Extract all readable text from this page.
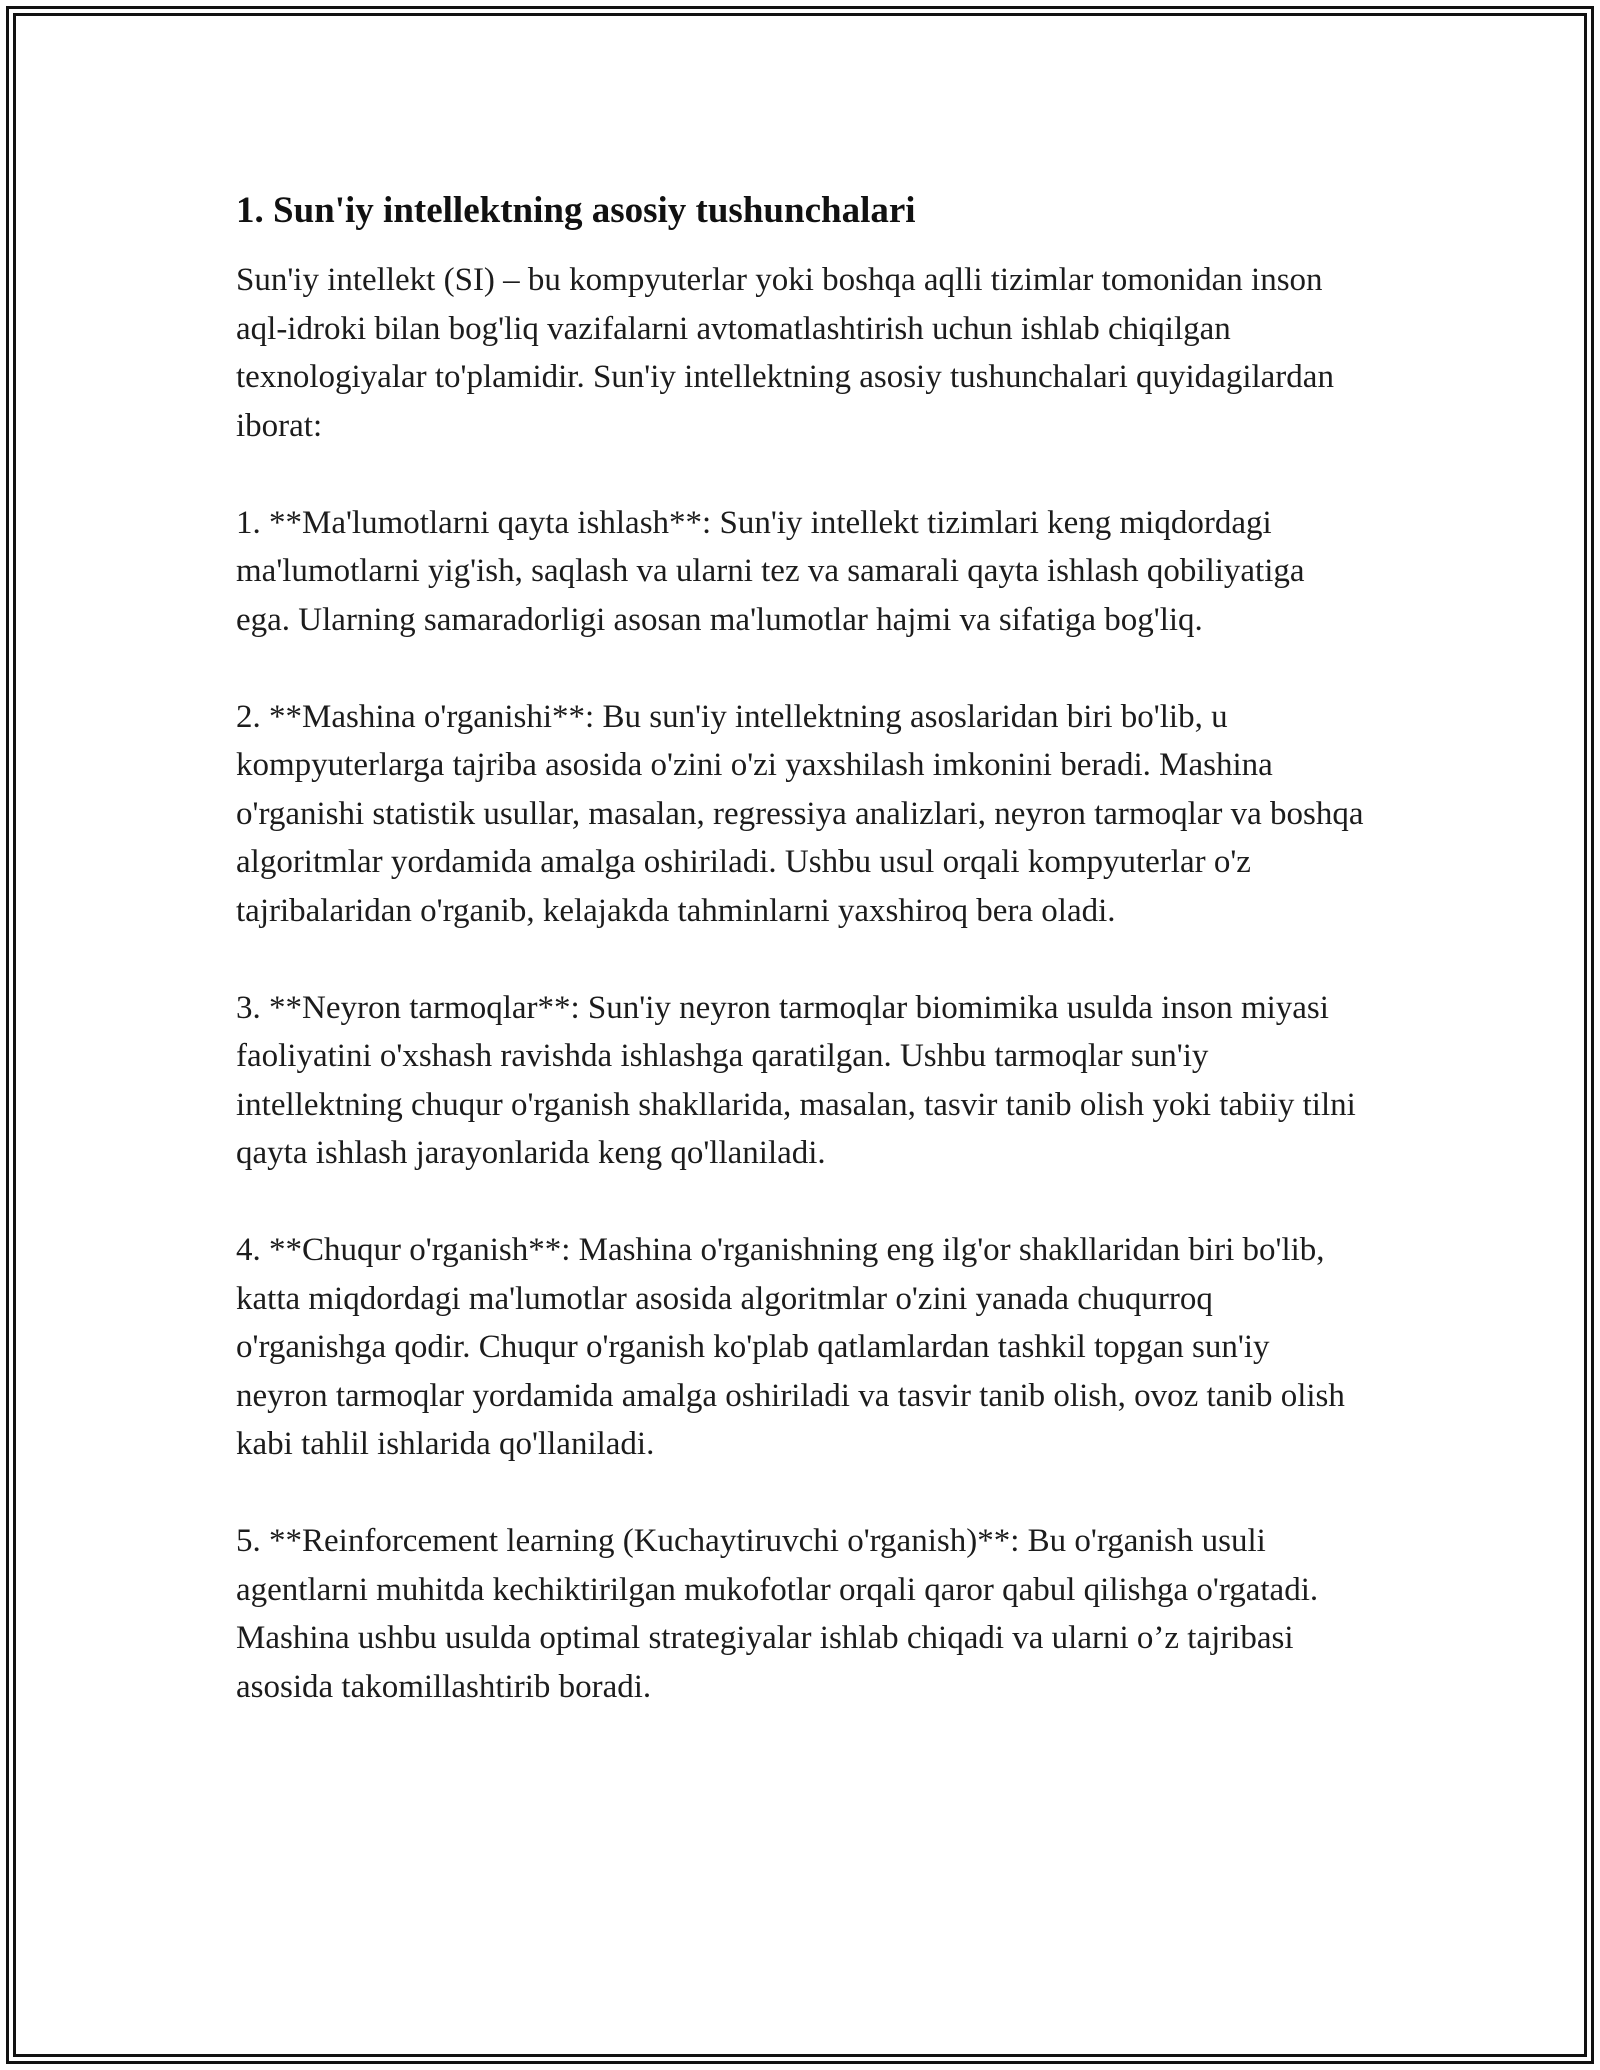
1. Sun'iy intellektning asosiy tushunchalari

Sun'iy intellekt (SI) – bu kompyuterlar yoki boshqa aqlli tizimlar tomonidan inson aql-idroki bilan bog'liq vazifalarni avtomatlashtirish uchun ishlab chiqilgan texnologiyalar to'plamidir. Sun'iy intellektning asosiy tushunchalari quyidagilardan iborat:

1. **Ma'lumotlarni qayta ishlash**: Sun'iy intellekt tizimlari keng miqdordagi ma'lumotlarni yig'ish, saqlash va ularni tez va samarali qayta ishlash qobiliyatiga ega. Ularning samaradorligi asosan ma'lumotlar hajmi va sifatiga bog'liq.

2. **Mashina o'rganishi**: Bu sun'iy intellektning asoslaridan biri bo'lib, u kompyuterlarga tajriba asosida o'zini o'zi yaxshilash imkonini beradi. Mashina o'rganishi statistik usullar, masalan, regressiya analizlari, neyron tarmoqlar va boshqa algoritmlar yordamida amalga oshiriladi. Ushbu usul orqali kompyuterlar o'z tajribalaridan o'rganib, kelajakda tahminlarni yaxshiroq bera oladi.

3. **Neyron tarmoqlar**: Sun'iy neyron tarmoqlar biomimika usulda inson miyasi faoliyatini o'xshash ravishda ishlashga qaratilgan. Ushbu tarmoqlar sun'iy intellektning chuqur o'rganish shakllarida, masalan, tasvir tanib olish yoki tabiiy tilni qayta ishlash jarayonlarida keng qo'llaniladi.

4. **Chuqur o'rganish**: Mashina o'rganishning eng ilg'or shakllaridan biri bo'lib, katta miqdordagi ma'lumotlar asosida algoritmlar o'zini yanada chuqurroq o'rganishga qodir. Chuqur o'rganish ko'plab qatlamlardan tashkil topgan sun'iy neyron tarmoqlar yordamida amalga oshiriladi va tasvir tanib olish, ovoz tanib olish kabi tahlil ishlarida qo'llaniladi.

5. **Reinforcement learning (Kuchaytiruvchi o'rganish)**: Bu o'rganish usuli agentlarni muhitda kechiktirilgan mukofotlar orqali qaror qabul qilishga o'rgatadi. Mashina ushbu usulda optimal strategiyalar ishlab chiqadi va ularni o’z tajribasi asosida takomillashtirib boradi.
